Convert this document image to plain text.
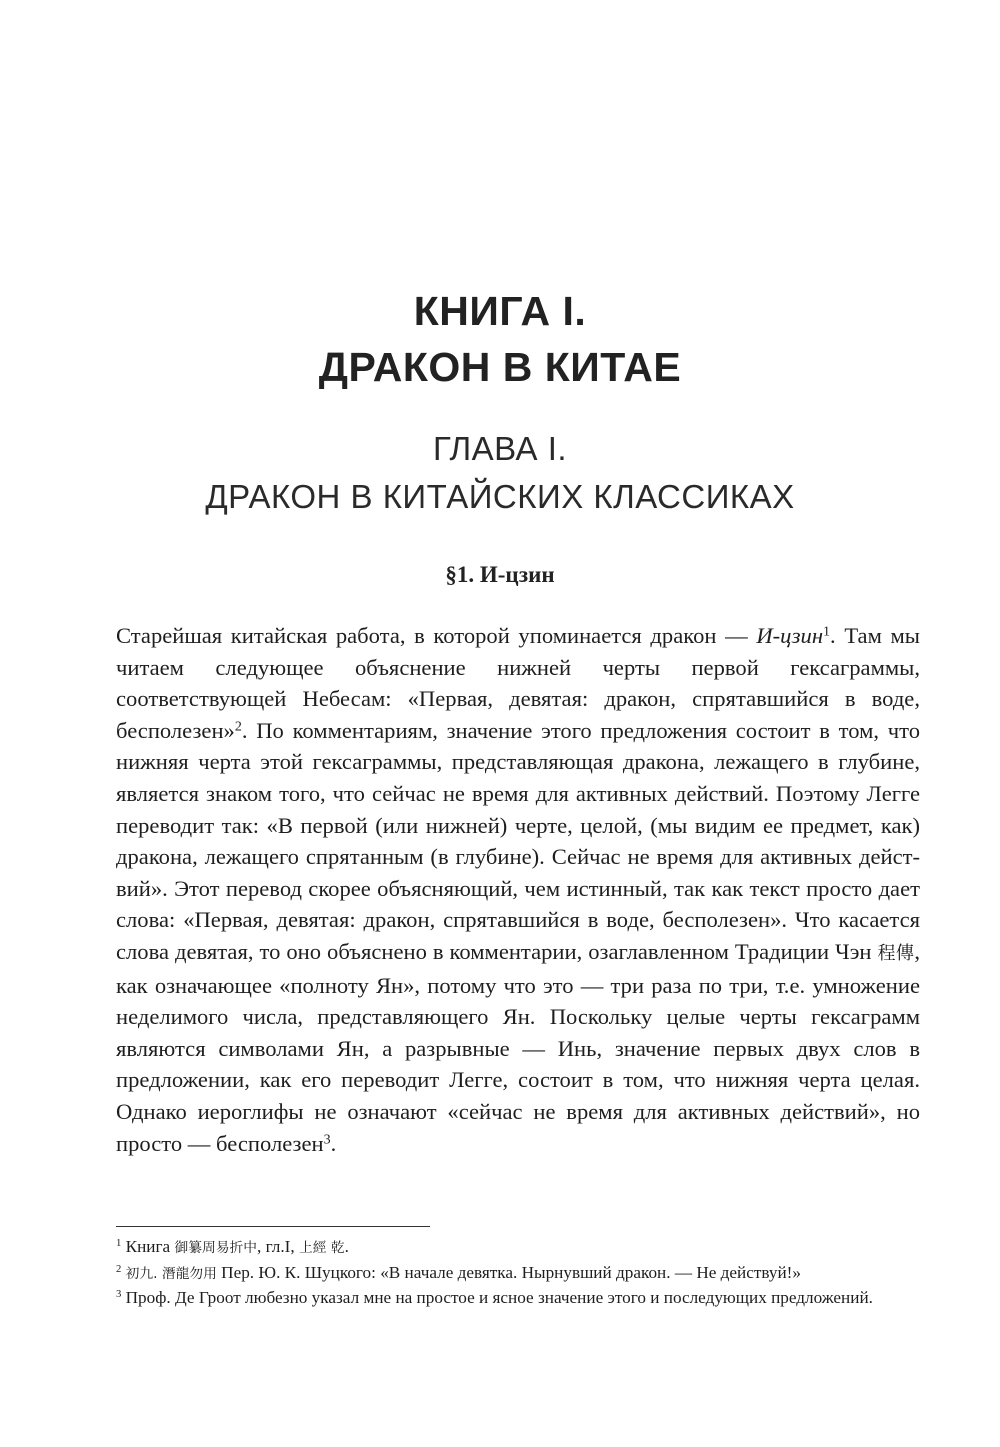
КНИГА I.
ДРАКОН В КИТАЕ
ГЛАВА I.
ДРАКОН В КИТАЙСКИХ КЛАССИКАХ
§1. И-цзин
Старейшая китайская работа, в которой упоминается дракон — И-цзин$^1$. Там мы читаем следующее объяснение нижней черты первой гексаграммы, соответствующей Небесам: «Первая, девятая: дракон, спрятавшийся в воде, бесполезен»$^2$. По комментариям, значение этого предложения состоит в том, что нижняя черта этой гексаграммы, представляющая дракона, лежащего в глубине, является знаком того, что сейчас не время для активных действий. Поэтому Легге переводит так: «В первой (или нижней) черте, целой, (мы видим ее предмет, как) дракона, лежащего спрятанным (в глубине). Сейчас не время для активных действий». Этот перевод скорее объясняющий, чем истинный, так как текст просто дает слова: «Первая, девятая: дракон, спрятавшийся в воде, бесполезен». Что касается слова девятая, то оно объяснено в комментарии, озаглавленном Традиции Чэн 程傳, как означающее «полноту Ян», потому что это — три раза по три, т.е. умножение неделимого числа, представляющего Ян. Поскольку целые черты гексаграмм являются символами Ян, а разрывные — Инь, значение первых двух слов в предложении, как его переводит Легге, состоит в том, что нижняя черта целая. Однако иероглифы не означают «сейчас не время для активных действий», но просто — бесполезен$^3$.

$^1$ Книга 御纂周易折中, гл.I, 上經 乾.

$^2$ 初九. 潛龍勿用 Пер. Ю. К. Шуцкого: «В начале девятка. Нырнувший дракон. — Не действуй!»

$^3$ Проф. Де Гроот любезно указал мне на простое и ясное значение этого и последующих предложений.
